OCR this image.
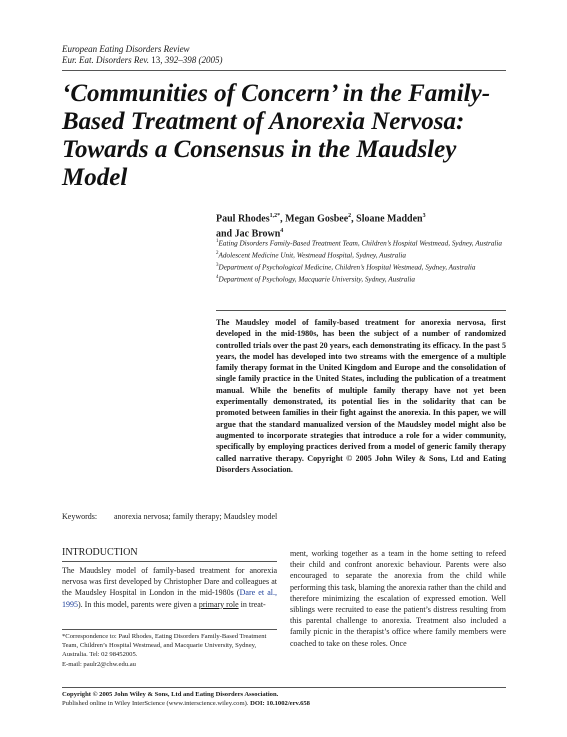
European Eating Disorders Review
Eur. Eat. Disorders Rev. 13, 392–398 (2005)
‘Communities of Concern’ in the Family-Based Treatment of Anorexia Nervosa: Towards a Consensus in the Maudsley Model
Paul Rhodes$^{1,2*}$, Megan Gosbee$^2$, Sloane Madden$^3$
and Jac Brown$^4$
$^1$Eating Disorders Family-Based Treatment Team, Children’s Hospital Westmead, Sydney, Australia
$^2$Adolescent Medicine Unit, Westmead Hospital, Sydney, Australia
$^3$Department of Psychological Medicine, Children’s Hospital Westmead, Sydney, Australia
$^4$Department of Psychology, Macquarie University, Sydney, Australia

The Maudsley model of family-based treatment for anorexia nervosa, first developed in the mid-1980s, has been the subject of a number of randomized controlled trials over the past 20 years, each demonstrating its efficacy. In the past 5 years, the model has developed into two streams with the emergence of a multiple family therapy format in the United Kingdom and Europe and the consolidation of single family practice in the United States, including the publication of a treatment manual. While the benefits of multiple family therapy have not yet been experimentally demonstrated, its potential lies in the solidarity that can be promoted between families in their fight against the anorexia. In this paper, we will argue that the standard manualized version of the Maudsley model might also be augmented to incorporate strategies that introduce a role for a wider community, specifically by employing practices derived from a model of generic family therapy called narrative therapy. Copyright © 2005 John Wiley & Sons, Ltd and Eating Disorders Association.

Keywords: anorexia nervosa; family therapy; Maudsley model
INTRODUCTION

The Maudsley model of family-based treatment for anorexia nervosa was first developed by Christopher Dare and colleagues at the Maudsley Hospital in London in the mid-1980s (Dare et al., 1995). In this model, parents were given a primary role in treat-

ment, working together as a team in the home setting to refeed their child and confront anorexic behaviour. Parents were also encouraged to separate the anorexia from the child while performing this task, blaming the anorexia rather than the child and therefore minimizing the escalation of expressed emotion. Well siblings were recruited to ease the patient’s distress resulting from this parental challenge to anorexia. Treatment also included a family picnic in the therapist’s office where family members were coached to take on these roles. Once

*Correspondence to: Paul Rhodes, Eating Disorders Family-Based Treatment Team, Children’s Hospital Westmead, and Macquarie University, Sydney, Australia. Tel: 02 98452005.
E-mail: paulr2@chw.edu.au
Copyright © 2005 John Wiley & Sons, Ltd and Eating Disorders Association.
Published online in Wiley InterScience (www.interscience.wiley.com). DOI: 10.1002/erv.658
